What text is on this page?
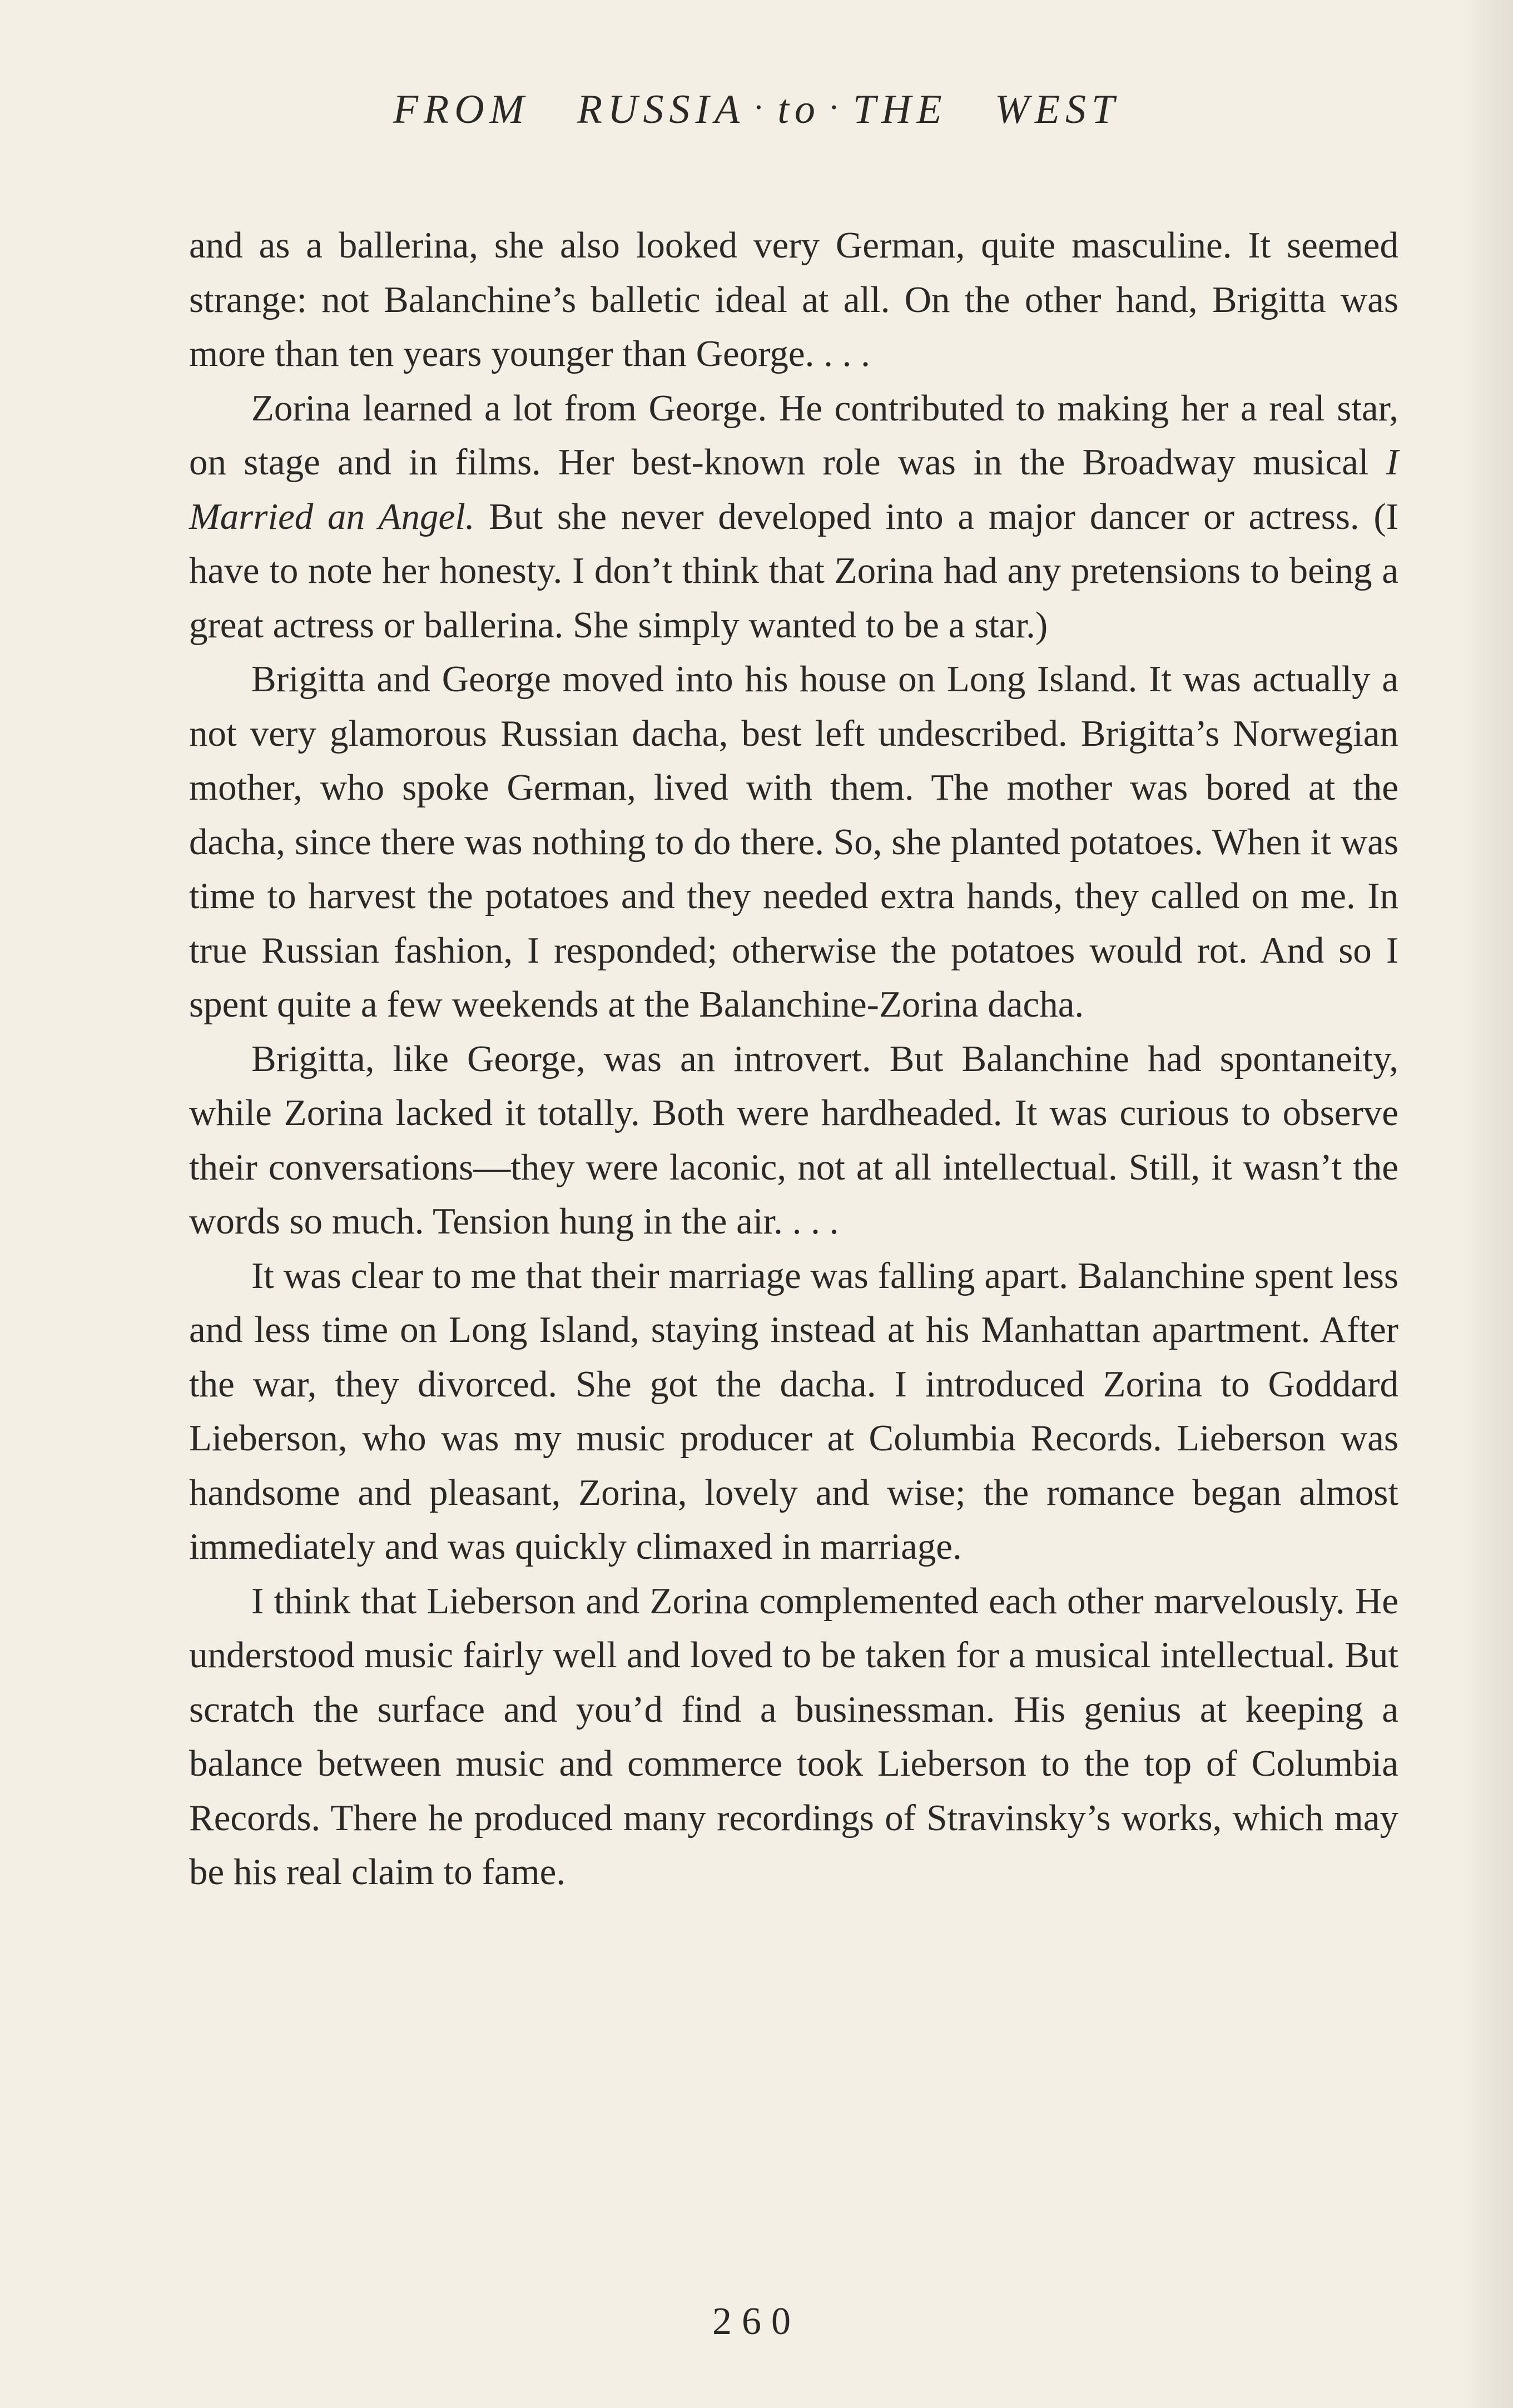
FROM RUSSIA · to · THE WEST

and as a ballerina, she also looked very German, quite masculine. It seemed strange: not Balanchine’s balletic ideal at all. On the other hand, Brigitta was more than ten years younger than George. . . .

Zorina learned a lot from George. He contributed to making her a real star, on stage and in films. Her best-known role was in the Broadway musical I Married an Angel. But she never developed into a major dancer or actress. (I have to note her honesty. I don’t think that Zorina had any pretensions to being a great actress or ballerina. She simply wanted to be a star.)

Brigitta and George moved into his house on Long Island. It was actually a not very glamorous Russian dacha, best left undescribed. Brigitta’s Norwegian mother, who spoke German, lived with them. The mother was bored at the dacha, since there was nothing to do there. So, she planted potatoes. When it was time to harvest the potatoes and they needed extra hands, they called on me. In true Russian fashion, I responded; otherwise the potatoes would rot. And so I spent quite a few weekends at the Balanchine-Zorina dacha.

Brigitta, like George, was an introvert. But Balanchine had spontaneity, while Zorina lacked it totally. Both were hardheaded. It was curious to observe their conversations—they were laconic, not at all intellectual. Still, it wasn’t the words so much. Tension hung in the air. . . .

It was clear to me that their marriage was falling apart. Balanchine spent less and less time on Long Island, staying instead at his Manhattan apartment. After the war, they divorced. She got the dacha. I introduced Zorina to Goddard Lieberson, who was my music producer at Columbia Records. Lieberson was handsome and pleasant, Zorina, lovely and wise; the romance began almost immediately and was quickly climaxed in marriage.

I think that Lieberson and Zorina complemented each other marvelously. He understood music fairly well and loved to be taken for a musical intellectual. But scratch the surface and you’d find a businessman. His genius at keeping a balance between music and commerce took Lieberson to the top of Columbia Records. There he produced many recordings of Stravinsky’s works, which may be his real claim to fame.

260
